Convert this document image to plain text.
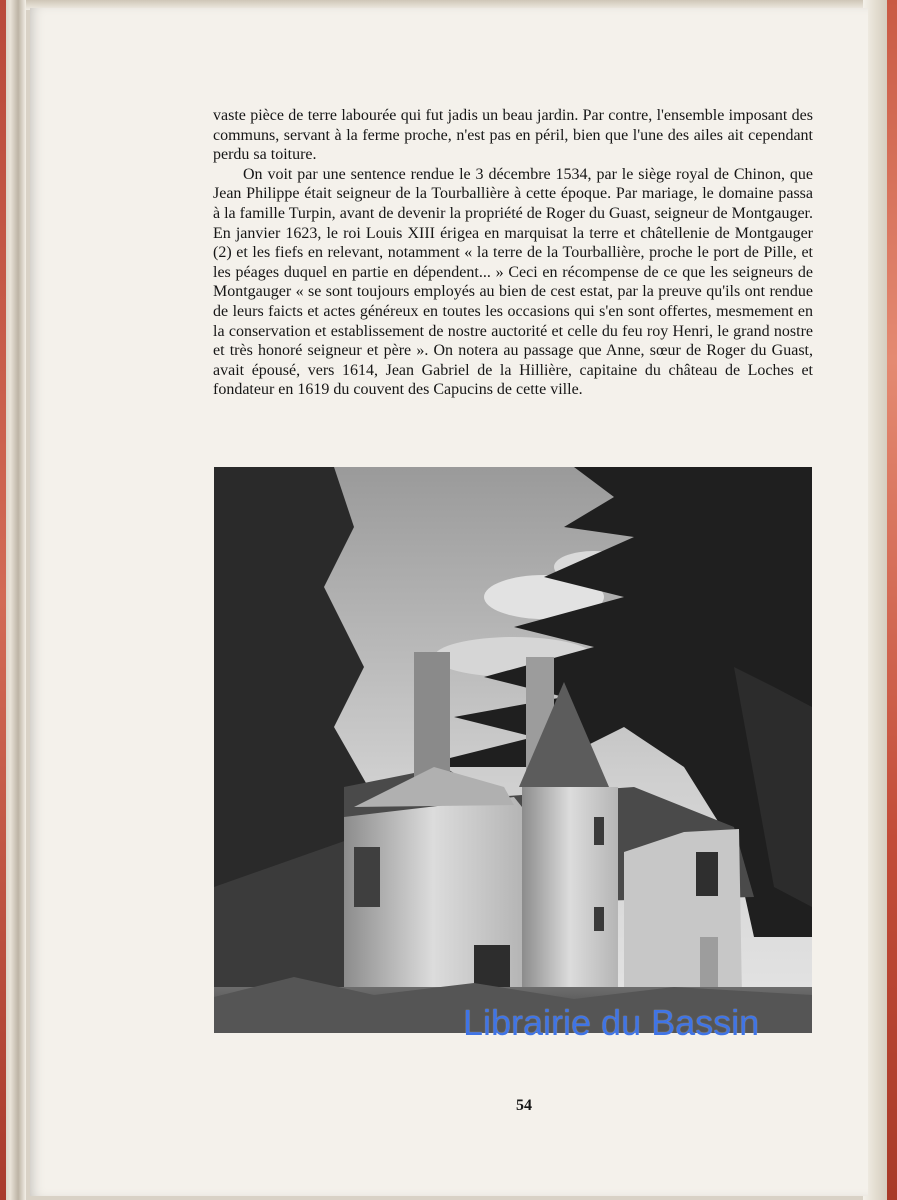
vaste pièce de terre labourée qui fut jadis un beau jardin. Par contre, l'ensemble imposant des communs, servant à la ferme proche, n'est pas en péril, bien que l'une des ailes ait cependant perdu sa toiture.

On voit par une sentence rendue le 3 décembre 1534, par le siège royal de Chinon, que Jean Philippe était seigneur de la Tourballière à cette époque. Par mariage, le domaine passa à la famille Turpin, avant de devenir la propriété de Roger du Guast, seigneur de Montgauger. En janvier 1623, le roi Louis XIII érigea en marquisat la terre et châtellenie de Montgauger (2) et les fiefs en relevant, notamment « la terre de la Tourballière, proche le port de Pille, et les péages duquel en partie en dépendent... » Ceci en récompense de ce que les seigneurs de Montgauger « se sont toujours employés au bien de cest estat, par la preuve qu'ils ont rendue de leurs faicts et actes généreux en toutes les occasions qui s'en sont offertes, mesmement en la conservation et establissement de nostre auctorité et celle du feu roy Henri, le grand nostre et très honoré seigneur et père ». On notera au passage que Anne, sœur de Roger du Guast, avait épousé, vers 1614, Jean Gabriel de la Hillière, capitaine du château de Loches et fondateur en 1619 du couvent des Capucins de cette ville.

Librairie du Bassin
54
